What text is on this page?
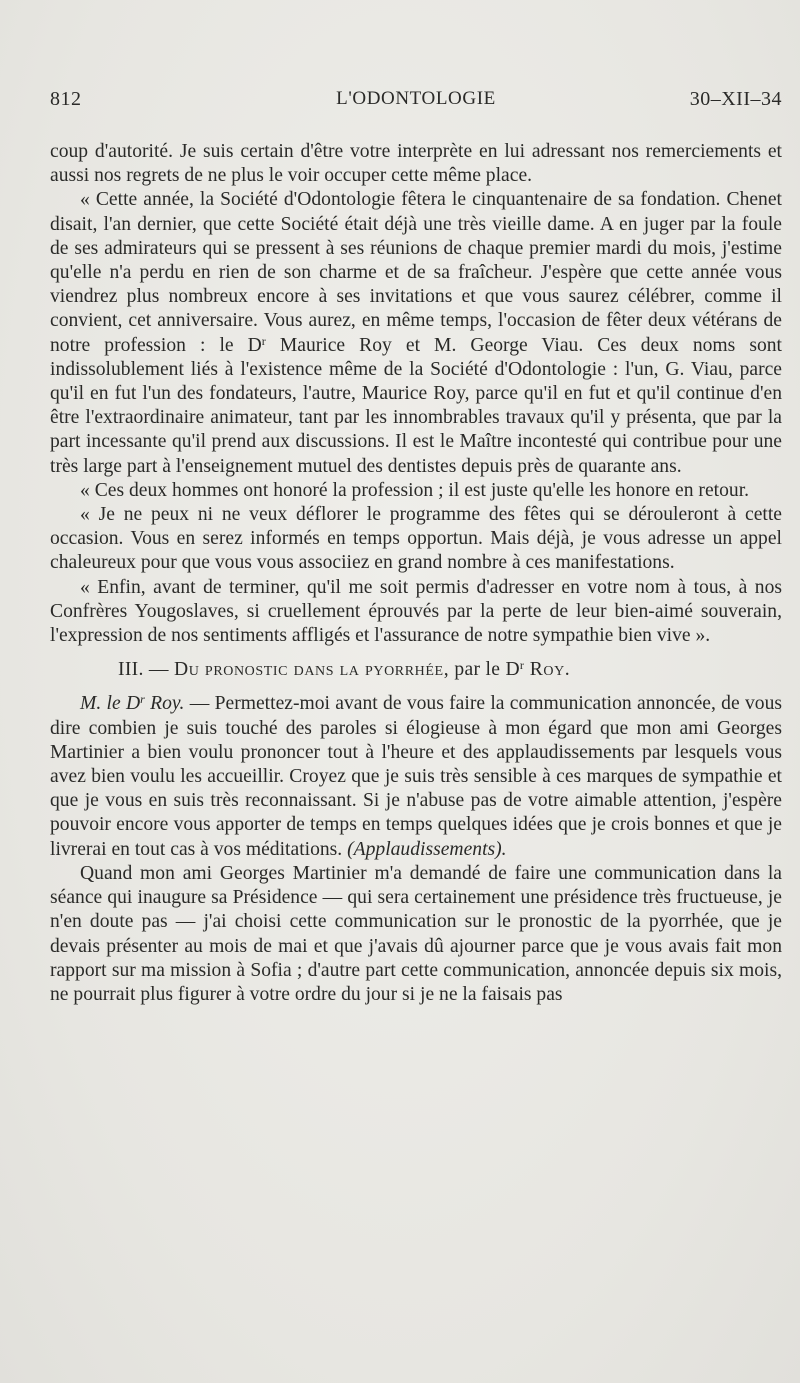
812	L'ODONTOLOGIE	30–XII–34

coup d'autorité. Je suis certain d'être votre interprète en lui adressant nos remerciements et aussi nos regrets de ne plus le voir occuper cette même place.

« Cette année, la Société d'Odontologie fêtera le cinquantenaire de sa fondation. Chenet disait, l'an dernier, que cette Société était déjà une très vieille dame. A en juger par la foule de ses admirateurs qui se pressent à ses réunions de chaque premier mardi du mois, j'estime qu'elle n'a perdu en rien de son charme et de sa fraîcheur. J'espère que cette année vous viendrez plus nombreux encore à ses invitations et que vous saurez célébrer, comme il convient, cet anniversaire. Vous aurez, en même temps, l'occasion de fêter deux vétérans de notre profession : le $D^r$ Maurice Roy et M. George Viau. Ces deux noms sont indissolublement liés à l'existence même de la Société d'Odontologie : l'un, G. Viau, parce qu'il en fut l'un des fondateurs, l'autre, Maurice Roy, parce qu'il en fut et qu'il continue d'en être l'extraordinaire animateur, tant par les innombrables travaux qu'il y présenta, que par la part incessante qu'il prend aux discussions. Il est le Maître incontesté qui contribue pour une très large part à l'enseignement mutuel des dentistes depuis près de quarante ans.

« Ces deux hommes ont honoré la profession ; il est juste qu'elle les honore en retour.

« Je ne peux ni ne veux déflorer le programme des fêtes qui se dérouleront à cette occasion. Vous en serez informés en temps opportun. Mais déjà, je vous adresse un appel chaleureux pour que vous vous associiez en grand nombre à ces manifestations.

« Enfin, avant de terminer, qu'il me soit permis d'adresser en votre nom à tous, à nos Confrères Yougoslaves, si cruellement éprouvés par la perte de leur bien-aimé souverain, l'expression de nos sentiments affligés et l'assurance de notre sympathie bien vive ».

III. — Du pronostic dans la pyorrhée, par le $D^r$ Roy.

M. le $D^r$ Roy. — Permettez-moi avant de vous faire la communication annoncée, de vous dire combien je suis touché des paroles si élogieuse à mon égard que mon ami Georges Martinier a bien voulu prononcer tout à l'heure et des applaudissements par lesquels vous avez bien voulu les accueillir. Croyez que je suis très sensible à ces marques de sympathie et que je vous en suis très reconnaissant. Si je n'abuse pas de votre aimable attention, j'espère pouvoir encore vous apporter de temps en temps quelques idées que je crois bonnes et que je livrerai en tout cas à vos méditations. (Applaudissements).

Quand mon ami Georges Martinier m'a demandé de faire une communication dans la séance qui inaugure sa Présidence — qui sera certainement une présidence très fructueuse, je n'en doute pas — j'ai choisi cette communication sur le pronostic de la pyorrhée, que je devais présenter au mois de mai et que j'avais dû ajourner parce que je vous avais fait mon rapport sur ma mission à Sofia ; d'autre part cette communication, annoncée depuis six mois, ne pourrait plus figurer à votre ordre du jour si je ne la faisais pas
